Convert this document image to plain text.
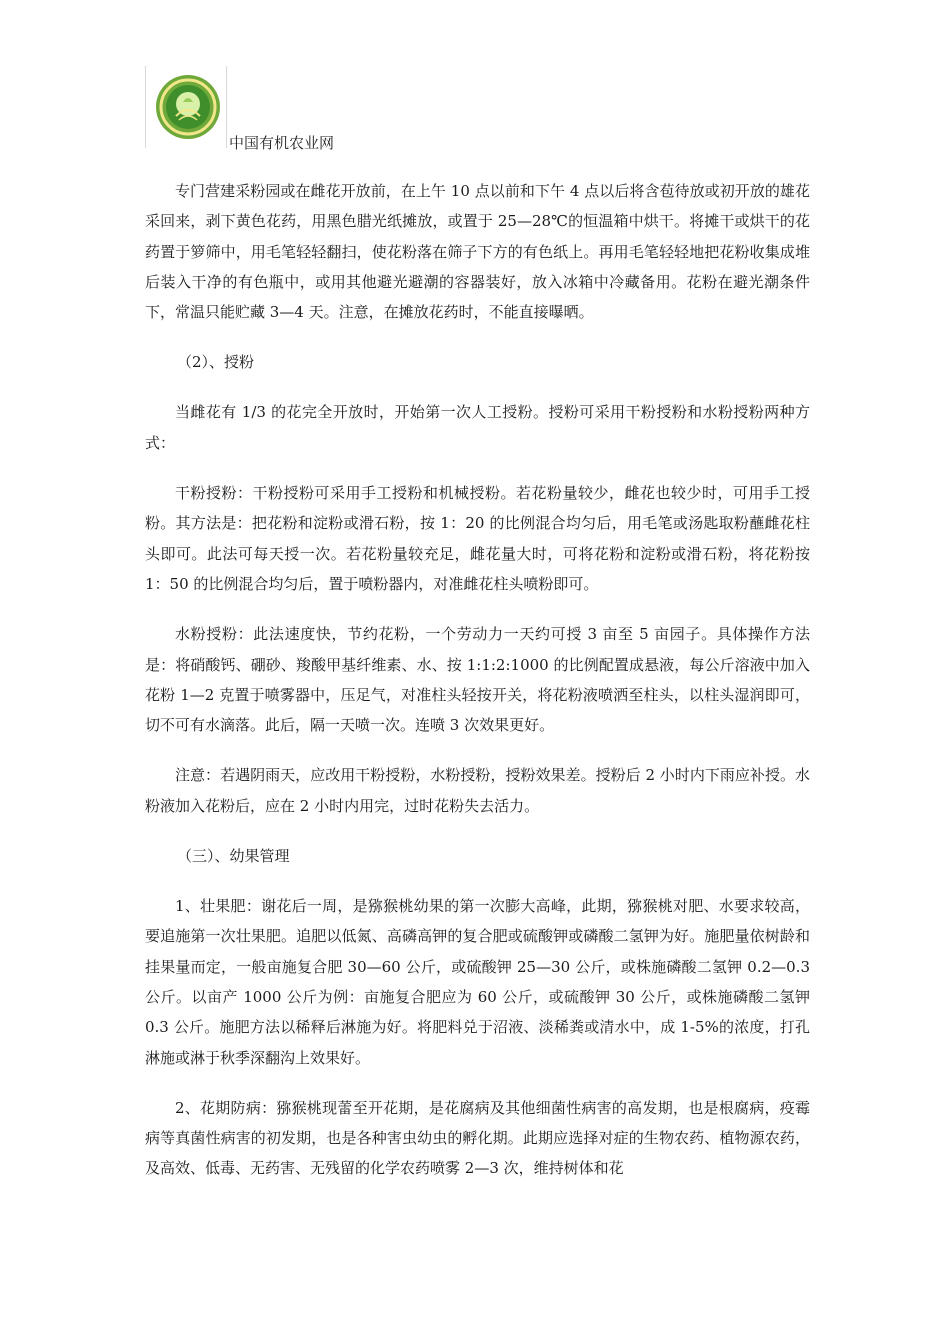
中国有机农业网

专门营建采粉园或在雌花开放前，在上午 10 点以前和下午 4 点以后将含苞待放或初开放的雄花采回来，剥下黄色花药，用黑色腊光纸摊放，或置于 25—28℃的恒温箱中烘干。将摊干或烘干的花药置于箩筛中，用毛笔轻轻翻扫，使花粉落在筛子下方的有色纸上。再用毛笔轻轻地把花粉收集成堆后装入干净的有色瓶中，或用其他避光避潮的容器装好，放入冰箱中冷藏备用。花粉在避光潮条件下，常温只能贮藏 3—4 天。注意，在摊放花药时，不能直接曝晒。

（2）、授粉

当雌花有 1/3 的花完全开放时，开始第一次人工授粉。授粉可采用干粉授粉和水粉授粉两种方式：

干粉授粉：干粉授粉可采用手工授粉和机械授粉。若花粉量较少，雌花也较少时，可用手工授粉。其方法是：把花粉和淀粉或滑石粉，按 1：20 的比例混合均匀后，用毛笔或汤匙取粉蘸雌花柱头即可。此法可每天授一次。若花粉量较充足，雌花量大时，可将花粉和淀粉或滑石粉，将花粉按 1：50 的比例混合均匀后，置于喷粉器内，对准雌花柱头喷粉即可。

水粉授粉：此法速度快，节约花粉，一个劳动力一天约可授 3 亩至 5 亩园子。具体操作方法是：将硝酸钙、硼砂、羧酸甲基纤维素、水、按 1:1:2:1000 的比例配置成悬液，每公斤溶液中加入花粉 1—2 克置于喷雾器中，压足气，对准柱头轻按开关，将花粉液喷洒至柱头，以柱头湿润即可，切不可有水滴落。此后，隔一天喷一次。连喷 3 次效果更好。

注意：若遇阴雨天，应改用干粉授粉，水粉授粉，授粉效果差。授粉后 2 小时内下雨应补授。水粉液加入花粉后，应在 2 小时内用完，过时花粉失去活力。

（三）、幼果管理

1、壮果肥：谢花后一周，是猕猴桃幼果的第一次膨大高峰，此期，猕猴桃对肥、水要求较高，要追施第一次壮果肥。追肥以低氮、高磷高钾的复合肥或硫酸钾或磷酸二氢钾为好。施肥量依树龄和挂果量而定，一般亩施复合肥 30—60 公斤，或硫酸钾 25—30 公斤，或株施磷酸二氢钾 0.2—0.3 公斤。以亩产 1000 公斤为例：亩施复合肥应为 60 公斤，或硫酸钾 30 公斤，或株施磷酸二氢钾 0.3 公斤。施肥方法以稀释后淋施为好。将肥料兑于沼液、淡稀粪或清水中，成 1-5%的浓度，打孔淋施或淋于秋季深翻沟上效果好。

2、花期防病：猕猴桃现蕾至开花期，是花腐病及其他细菌性病害的高发期，也是根腐病，疫霉病等真菌性病害的初发期，也是各种害虫幼虫的孵化期。此期应选择对症的生物农药、植物源农药，及高效、低毒、无药害、无残留的化学农药喷雾 2—3 次，维持树体和花
